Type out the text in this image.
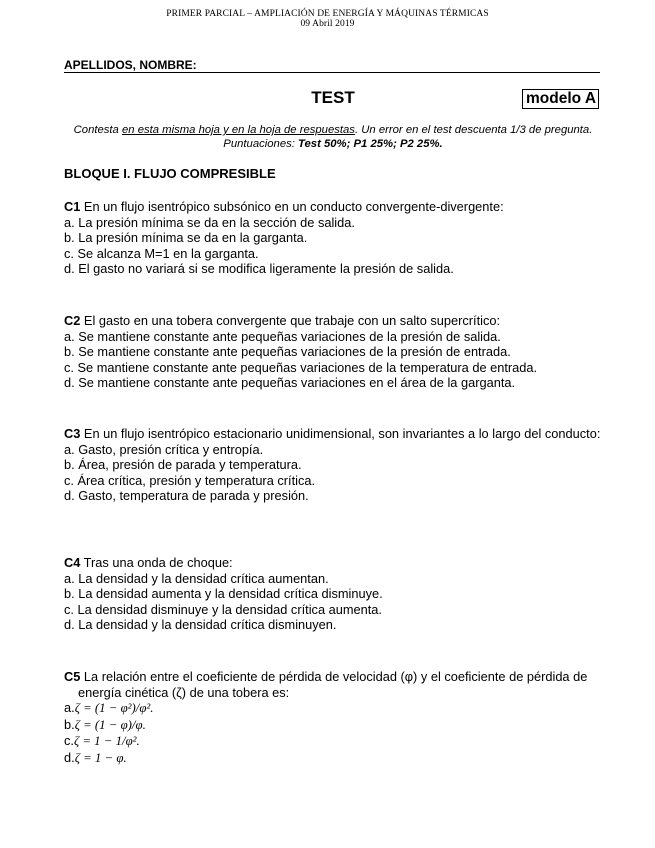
PRIMER PARCIAL – AMPLIACIÓN DE ENERGÍA Y MÁQUINAS TÉRMICAS
09 Abril 2019
APELLIDOS, NOMBRE:
TEST	modelo A
Contesta en esta misma hoja y en la hoja de respuestas. Un error en el test descuenta 1/3 de pregunta. Puntuaciones: Test 50%; P1 25%; P2 25%.
BLOQUE I. FLUJO COMPRESIBLE

C1 En un flujo isentrópico subsónico en un conducto convergente-divergente:

a. La presión mínima se da en la sección de salida.

b. La presión mínima se da en la garganta.

c. Se alcanza M=1 en la garganta.

d. El gasto no variará si se modifica ligeramente la presión de salida.

C2 El gasto en una tobera convergente que trabaje con un salto supercrítico:

a. Se mantiene constante ante pequeñas variaciones de la presión de salida.

b. Se mantiene constante ante pequeñas variaciones de la presión de entrada.

c. Se mantiene constante ante pequeñas variaciones de la temperatura de entrada.

d. Se mantiene constante ante pequeñas variaciones en el área de la garganta.

C3 En un flujo isentrópico estacionario unidimensional, son invariantes a lo largo del conducto:

a. Gasto, presión crítica y entropía.

b. Área, presión de parada y temperatura.

c. Área crítica, presión y temperatura crítica.

d. Gasto, temperatura de parada y presión.

C4 Tras una onda de choque:

a. La densidad y la densidad crítica aumentan.

b. La densidad aumenta y la densidad crítica disminuye.

c. La densidad disminuye y la densidad crítica aumenta.

d. La densidad y la densidad crítica disminuyen.

C5 La relación entre el coeficiente de pérdida de velocidad (φ) y el coeficiente de pérdida de energía cinética (ζ) de una tobera es:

a.ζ = (1 − φ²)/φ².

b.ζ = (1 − φ)/φ.

c.ζ = 1 − 1/φ².

d.ζ = 1 − φ.
